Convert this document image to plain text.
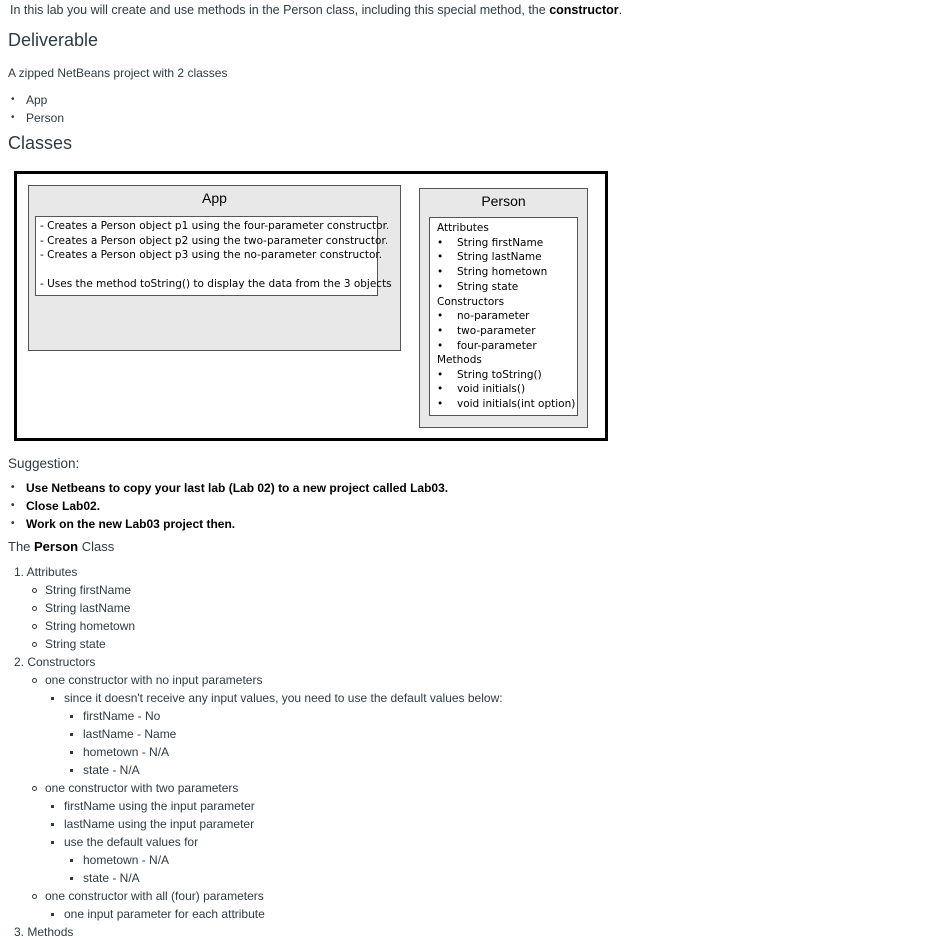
In this lab you will create and use methods in the Person class, including this special method, the constructor.
Deliverable
A zipped NetBeans project with 2 classes
• App
• Person
Classes
App
- Creates a Person object p1 using the four-parameter constructor.
- Creates a Person object p2 using the two-parameter constructor.
- Creates a Person object p3 using the no-parameter constructor.
- Uses the method toString() to display the data from the 3 objects
Person
Attributes
• String firstName
• String lastName
• String hometown
• String state
Constructors
• no-parameter
• two-parameter
• four-parameter
Methods
• String toString()
• void initials()
• void initials(int option)
Suggestion:
• Use Netbeans to copy your last lab (Lab 02) to a new project called Lab03.
• Close Lab02.
• Work on the new Lab03 project then.
The Person Class
1. Attributes
String firstName
String lastName
String hometown
String state
2. Constructors
one constructor with no input parameters
since it doesn't receive any input values, you need to use the default values below:
firstName - No
lastName - Name
hometown - N/A
state - N/A
one constructor with two parameters
firstName using the input parameter
lastName using the input parameter
use the default values for
hometown - N/A
state - N/A
one constructor with all (four) parameters
one input parameter for each attribute
3. Methods
